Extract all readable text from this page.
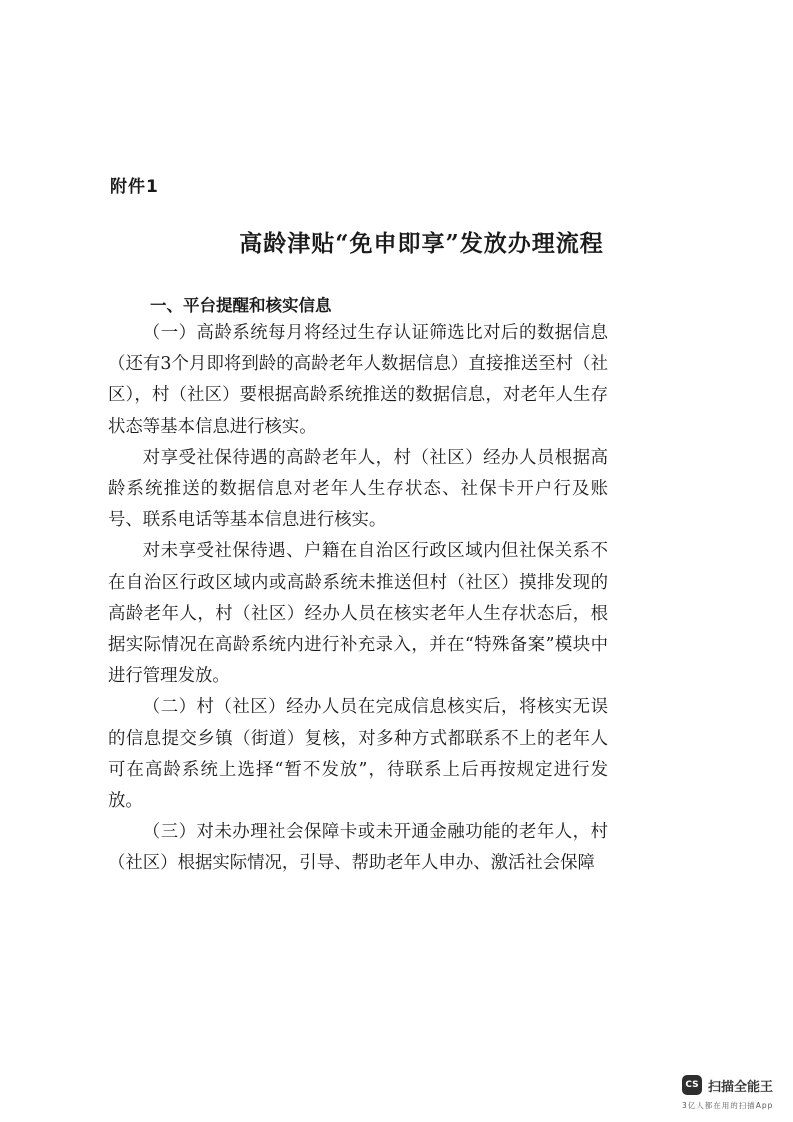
附件1
高龄津贴“免申即享”发放办理流程
一、平台提醒和核实信息

（一）高龄系统每月将经过生存认证筛选比对后的数据信息（还有3个月即将到龄的高龄老年人数据信息）直接推送至村（社区），村（社区）要根据高龄系统推送的数据信息，对老年人生存状态等基本信息进行核实。

对享受社保待遇的高龄老年人，村（社区）经办人员根据高龄系统推送的数据信息对老年人生存状态、社保卡开户行及账号、联系电话等基本信息进行核实。

对未享受社保待遇、户籍在自治区行政区域内但社保关系不在自治区行政区域内或高龄系统未推送但村（社区）摸排发现的高龄老年人，村（社区）经办人员在核实老年人生存状态后，根据实际情况在高龄系统内进行补充录入，并在“特殊备案”模块中进行管理发放。

（二）村（社区）经办人员在完成信息核实后，将核实无误的信息提交乡镇（街道）复核，对多种方式都联系不上的老年人可在高龄系统上选择“暂不发放”，待联系上后再按规定进行发放。

（三）对未办理社会保障卡或未开通金融功能的老年人，村（社区）根据实际情况，引导、帮助老年人申办、激活社会保障

CS 扫描全能王
3亿人都在用的扫描App
